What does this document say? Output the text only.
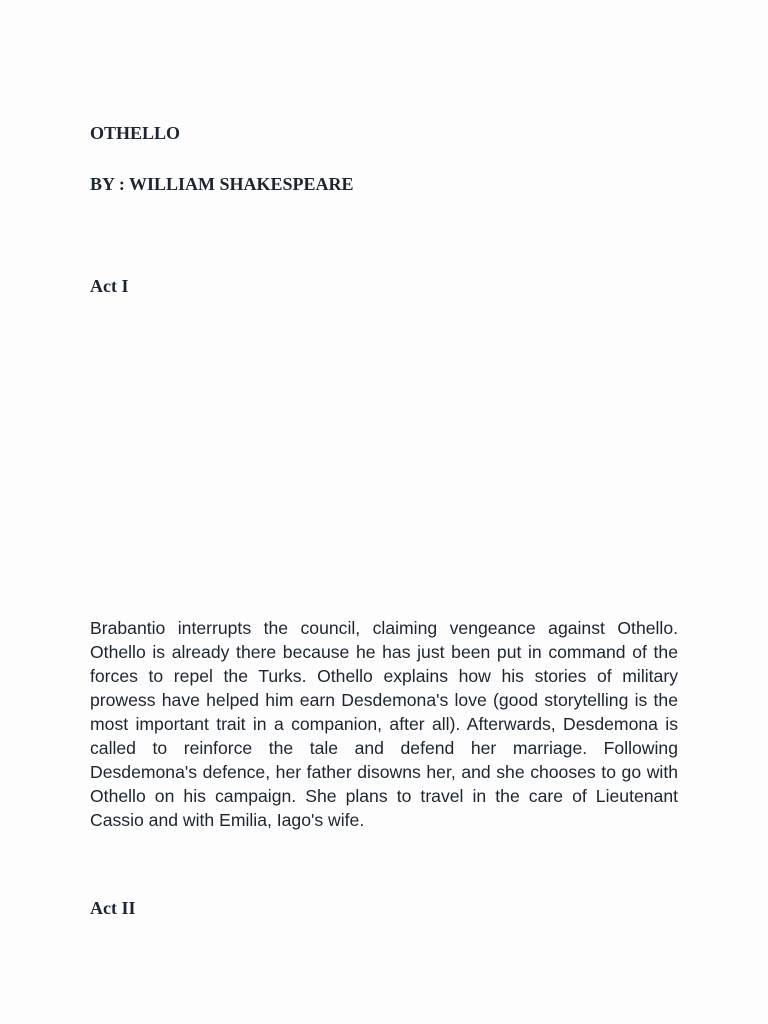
OTHELLO
BY : WILLIAM SHAKESPEARE
Act I

Brabantio interrupts the council, claiming vengeance against Othello. Othello is already there because he has just been put in command of the forces to repel the Turks. Othello explains how his stories of military prowess have helped him earn Desdemona's love (good storytelling is the most important trait in a companion, after all). Afterwards, Desdemona is called to reinforce the tale and defend her marriage. Following Desdemona's defence, her father disowns her, and she chooses to go with Othello on his campaign. She plans to travel in the care of Lieutenant Cassio and with Emilia, Iago's wife.

Act II
